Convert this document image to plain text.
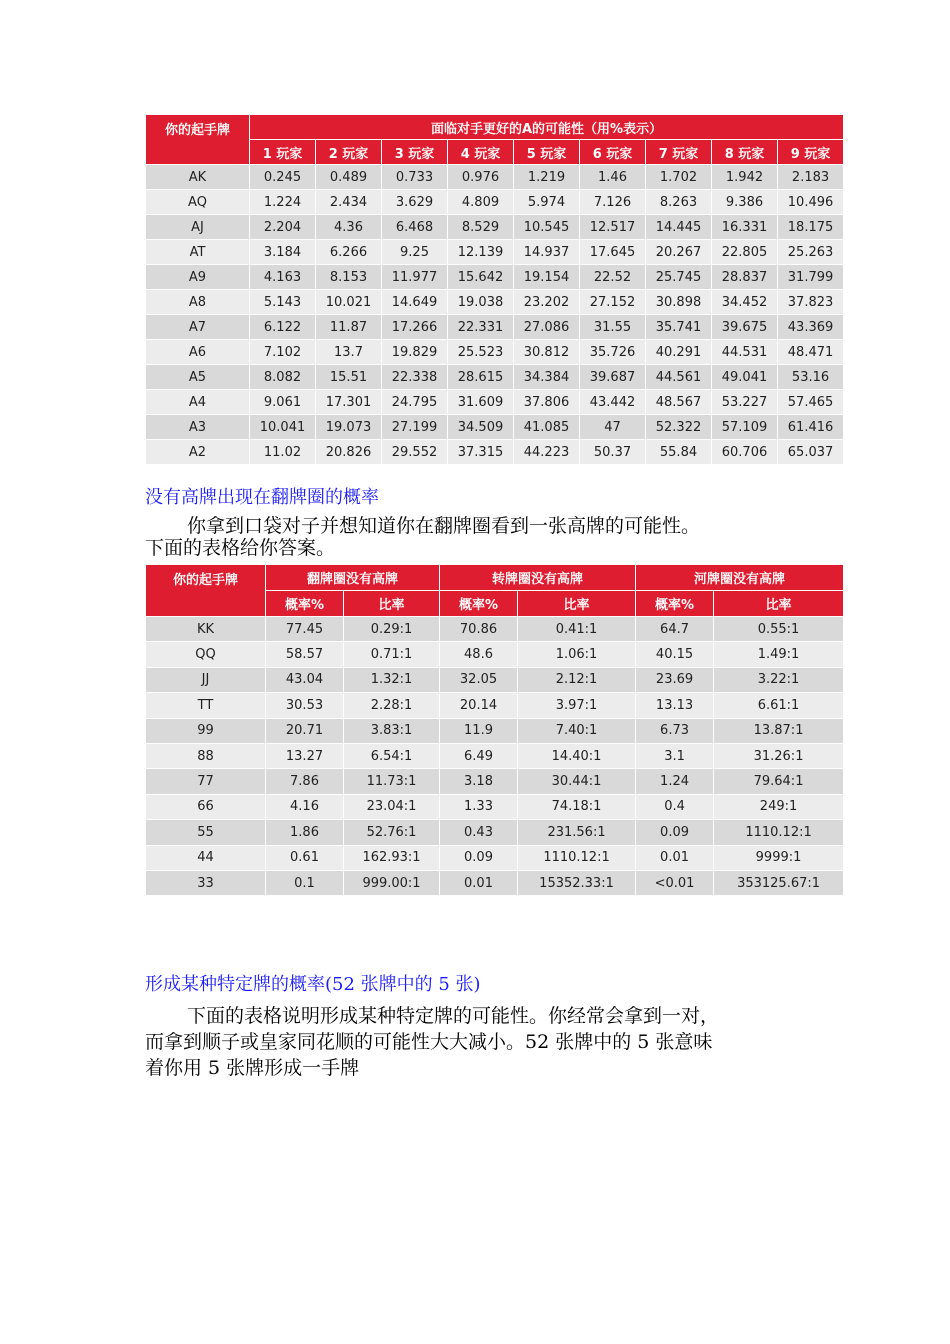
你的起手牌	面临对手更好的A的可能性（用%表示）								
	1 玩家	2 玩家	3 玩家	4 玩家	5 玩家	6 玩家	7 玩家	8 玩家	9 玩家
AK	0.245	0.489	0.733	0.976	1.219	1.46	1.702	1.942	2.183
AQ	1.224	2.434	3.629	4.809	5.974	7.126	8.263	9.386	10.496
AJ	2.204	4.36	6.468	8.529	10.545	12.517	14.445	16.331	18.175
AT	3.184	6.266	9.25	12.139	14.937	17.645	20.267	22.805	25.263
A9	4.163	8.153	11.977	15.642	19.154	22.52	25.745	28.837	31.799
A8	5.143	10.021	14.649	19.038	23.202	27.152	30.898	34.452	37.823
A7	6.122	11.87	17.266	22.331	27.086	31.55	35.741	39.675	43.369
A6	7.102	13.7	19.829	25.523	30.812	35.726	40.291	44.531	48.471
A5	8.082	15.51	22.338	28.615	34.384	39.687	44.561	49.041	53.16
A4	9.061	17.301	24.795	31.609	37.806	43.442	48.567	53.227	57.465
A3	10.041	19.073	27.199	34.509	41.085	47	52.322	57.109	61.416
A2	11.02	20.826	29.552	37.315	44.223	50.37	55.84	60.706	65.037
没有高牌出现在翻牌圈的概率
你拿到口袋对子并想知道你在翻牌圈看到一张高牌的可能性。
下面的表格给你答案。
你的起手牌	翻牌圈没有高牌		转牌圈没有高牌		河牌圈没有高牌	
	概率%	比率	概率%	比率	概率%	比率
KK	77.45	0.29:1	70.86	0.41:1	64.7	0.55:1
QQ	58.57	0.71:1	48.6	1.06:1	40.15	1.49:1
JJ	43.04	1.32:1	32.05	2.12:1	23.69	3.22:1
TT	30.53	2.28:1	20.14	3.97:1	13.13	6.61:1
99	20.71	3.83:1	11.9	7.40:1	6.73	13.87:1
88	13.27	6.54:1	6.49	14.40:1	3.1	31.26:1
77	7.86	11.73:1	3.18	30.44:1	1.24	79.64:1
66	4.16	23.04:1	1.33	74.18:1	0.4	249:1
55	1.86	52.76:1	0.43	231.56:1	0.09	1110.12:1
44	0.61	162.93:1	0.09	1110.12:1	0.01	9999:1
33	0.1	999.00:1	0.01	15352.33:1	<0.01	353125.67:1
形成某种特定牌的概率(52 张牌中的 5 张)
下面的表格说明形成某种特定牌的可能性。你经常会拿到一对，
而拿到顺子或皇家同花顺的可能性大大减小。52 张牌中的 5 张意味
着你用 5 张牌形成一手牌
